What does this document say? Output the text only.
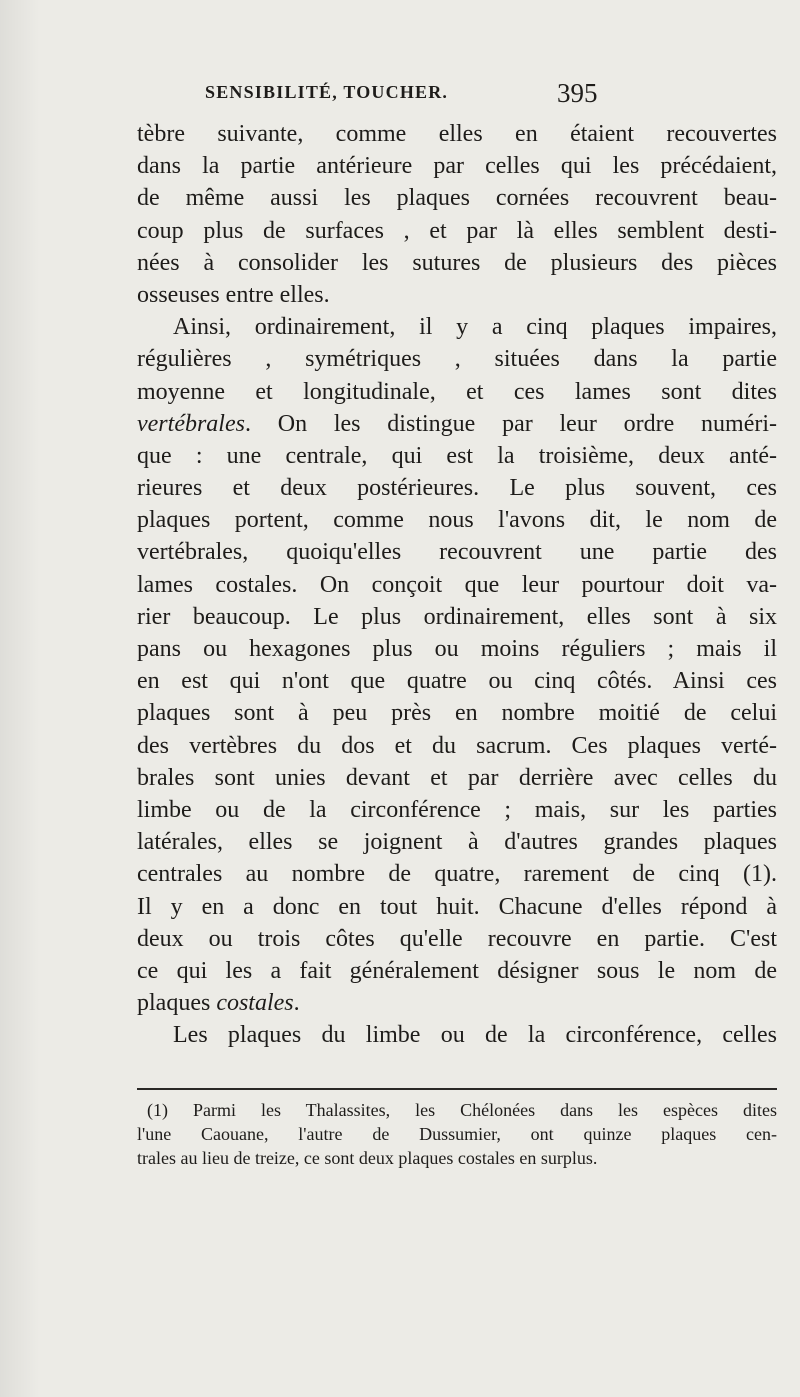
SENSIBILITÉ, TOUCHER.	395
tèbre suivante, comme elles en étaient recouvertes
dans la partie antérieure par celles qui les précédaient,
de même aussi les plaques cornées recouvrent beau-
coup plus de surfaces , et par là elles semblent desti-
nées à consolider les sutures de plusieurs des pièces
osseuses entre elles.
Ainsi, ordinairement, il y a cinq plaques impaires,
régulières , symétriques , situées dans la partie
moyenne et longitudinale, et ces lames sont dites
vertébrales. On les distingue par leur ordre numéri-
que : une centrale, qui est la troisième, deux anté-
rieures et deux postérieures. Le plus souvent, ces
plaques portent, comme nous l'avons dit, le nom de
vertébrales, quoiqu'elles recouvrent une partie des
lames costales. On conçoit que leur pourtour doit va-
rier beaucoup. Le plus ordinairement, elles sont à six
pans ou hexagones plus ou moins réguliers ; mais il
en est qui n'ont que quatre ou cinq côtés. Ainsi ces
plaques sont à peu près en nombre moitié de celui
des vertèbres du dos et du sacrum. Ces plaques verté-
brales sont unies devant et par derrière avec celles du
limbe ou de la circonférence ; mais, sur les parties
latérales, elles se joignent à d'autres grandes plaques
centrales au nombre de quatre, rarement de cinq (1).
Il y en a donc en tout huit. Chacune d'elles répond à
deux ou trois côtes qu'elle recouvre en partie. C'est
ce qui les a fait généralement désigner sous le nom de
plaques costales.
Les plaques du limbe ou de la circonférence, celles
(1) Parmi les Thalassites, les Chélonées dans les espèces dites
l'une Caouane, l'autre de Dussumier, ont quinze plaques cen-
trales au lieu de treize, ce sont deux plaques costales en surplus.
